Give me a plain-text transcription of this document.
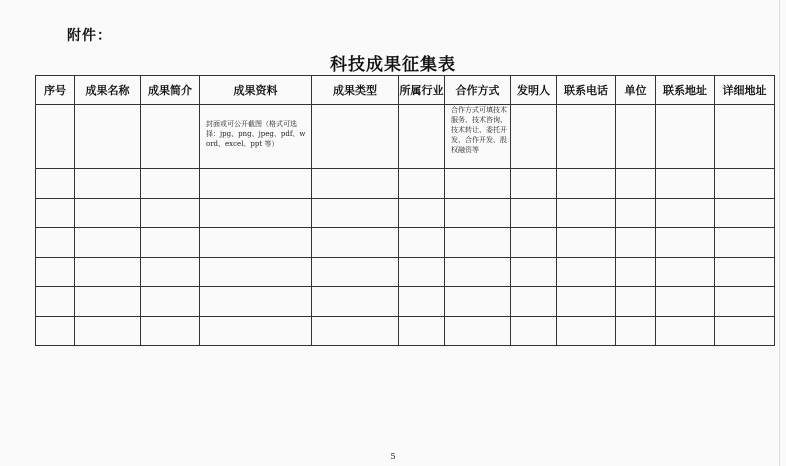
附件：
科技成果征集表
序号	成果名称	成果简介	成果资料	成果类型	所属行业	合作方式	发明人	联系电话	单位	联系地址	详细地址

			封面或可公开截图（格式可选择：jpg、png、jpeg、pdf、word、excel、ppt 等）			合作方式可填技术服务、技术咨询、技术转让、委托开发、合作开发、股权融资等					

5
